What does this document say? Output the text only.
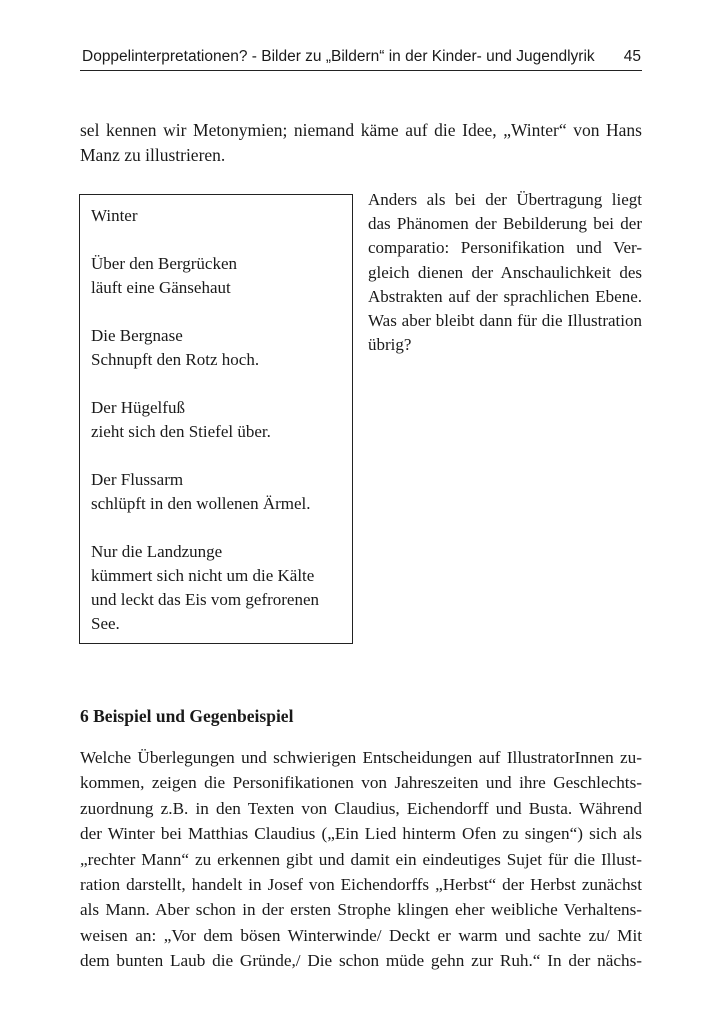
Doppelinterpretationen? - Bilder zu „Bildern“ in der Kinder- und Jugendlyrik 45
sel kennen wir Metonymien; niemand käme auf die Idee, „Winter“ von Hans
Manz zu illustrieren.
Winter
Über den Bergrücken
läuft eine Gänsehaut
Die Bergnase
Schnupft den Rotz hoch.
Der Hügelfuß
zieht sich den Stiefel über.
Der Flussarm
schlüpft in den wollenen Ärmel.
Nur die Landzunge
kümmert sich nicht um die Kälte
und leckt das Eis vom gefrorenen
See.
Anders als bei der Übertragung liegt
das Phänomen der Bebilderung bei der
comparatio: Personifikation und Ver-
gleich dienen der Anschaulichkeit des
Abstrakten auf der sprachlichen Ebene.
Was aber bleibt dann für die Illustration
übrig?
6 Beispiel und Gegenbeispiel
Welche Überlegungen und schwierigen Entscheidungen auf IllustratorInnen zu-
kommen, zeigen die Personifikationen von Jahreszeiten und ihre Geschlechts-
zuordnung z.B. in den Texten von Claudius, Eichendorff und Busta. Während
der Winter bei Matthias Claudius („Ein Lied hinterm Ofen zu singen“) sich als
„rechter Mann“ zu erkennen gibt und damit ein eindeutiges Sujet für die Illust-
ration darstellt, handelt in Josef von Eichendorffs „Herbst“ der Herbst zunächst
als Mann. Aber schon in der ersten Strophe klingen eher weibliche Verhaltens-
weisen an: „Vor dem bösen Winterwinde/ Deckt er warm und sachte zu/ Mit
dem bunten Laub die Gründe,/ Die schon müde gehn zur Ruh.“ In der nächs-
